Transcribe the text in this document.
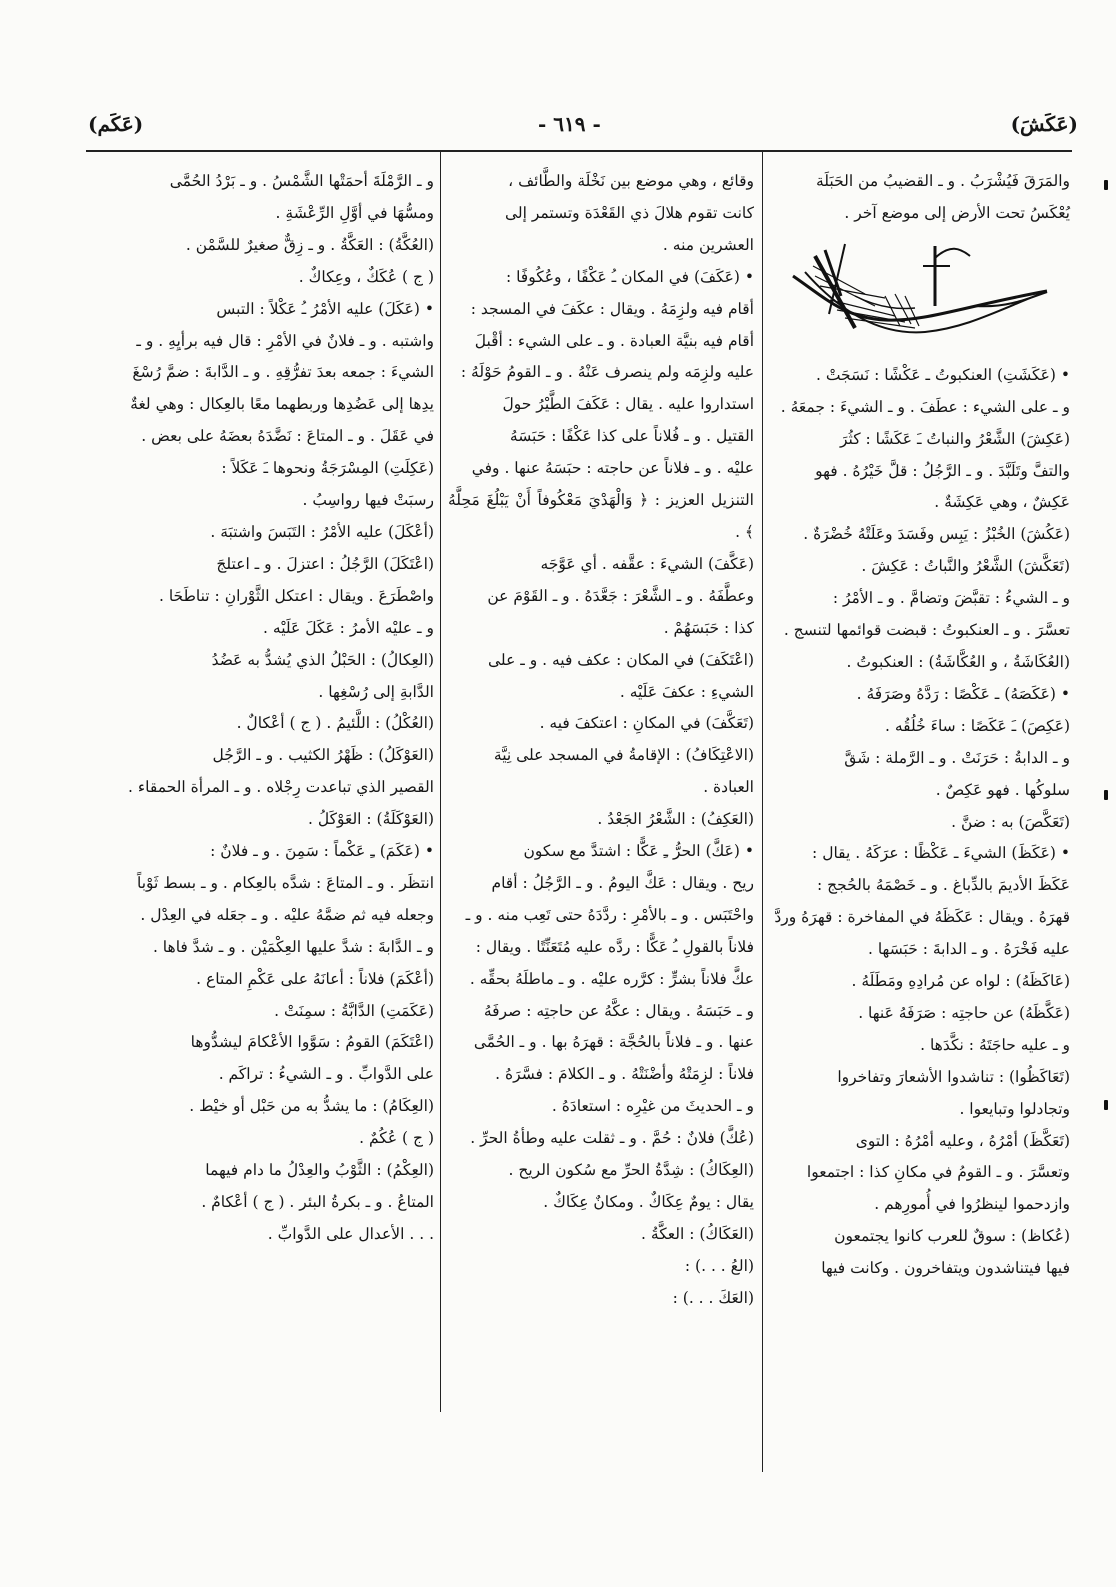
(عَكَشَ)
- ٦١٩ -
(عَكَم)

والمَرَقَ فَيُشْرَبُ . و ـ القضيبُ من الحَبَلَة

يُعْكَسُ تحت الأرض إلى موضع آخر .

• (عَكَشَتِ) العنكبوتُ ـ عَكْشًا : نَسَجَتْ .

و ـ على الشيء : عطَفَ . و ـ الشيءَ : جمعَهُ .

(عَكِشَ) الشَّعْرُ والنباتُ ـَ عَكَشًا : كثُرَ

والتفَّ وتَلَبَّدَ . و ـ الرَّجُلُ : قلَّ خَيْرُهُ . فهو

عَكِشٌ ، وهي عَكِشَةٌ .

(عَكُشَ) الخُبْزُ : يَبِس وفَسَدَ وعَلَتْهُ خُضْرَةٌ .

(تَعَكَّشَ) الشَّعْرُ والنَّباتُ : عَكِشَ .

و ـ الشيءُ : تقبَّضَ وتضامَّ . و ـ الأمْرُ :

تعسَّرَ . و ـ العنكبوتُ : قبضت قوائمها لتنسج .

(العُكَاشَةُ ، و العُكَّاشَةُ) : العنكبوتُ .

• (عَكَصَهُ) ـ عَكْصًا : رَدَّهُ وصَرَفَهُ .

(عَكِصَ) ـَ عَكَصًا : ساءَ خُلُقُه .

و ـ الدابةُ : حَرَنَتْ . و ـ الرَّملة : شَقَّ

سلوكُها . فهو عَكِصٌ .

(تَعَكَّصَ) به : ضنَّ .

• (عَكَظَ) الشيءَ ـ عَكْظًا : عرَكَهُ . يقال :

عَكَظَ الأديمَ بالدِّباغ . و ـ خَصْمَهُ بالحُجج :

قهرَهُ . ويقال : عَكَظَهُ في المفاخرة : قهرَهُ وردَّ

عليه فَخْرَهُ . و ـ الدابةَ : حَبَسَها .

(عَاكَظَهُ) : لواه عن مُرادِهِ ومَطَلَهُ .

(عَكَّظَهُ) عن حاجتِه : صَرَفَهُ عَنها .

و ـ عليه حاجَتَهُ : نكَّدَها .

(تَعَاكَظُوا) : تناشدوا الأشعارَ وتفاخروا

وتجادلوا وتبايعوا .

(تَعَكَّظَ) أمْرُهُ ، وعليه أمْرُهُ : التوى

وتعسَّرَ . و ـ القومُ في مكانِ كذا : اجتمعوا

وازدحموا لينظرُوا في أُمورِهم .

(عُكاظ) : سوقٌ للعرب كانوا يجتمعون

فيها فيتناشدون ويتفاخرون . وكانت فيها

وقائع ، وهي موضع بين نَخْلَة والطَّائف ،

كانت تقوم هلالَ ذي القَعْدَة وتستمر إلى

العشرين منه .

• (عَكَفَ) في المكان ـُ عَكْفًا ، وعُكُوفًا :

أقام فيه ولزِمَهُ . ويقال : عكَفَ في المسجد :

أقام فيه بنيَّة العبادة . و ـ على الشيء : أقْبلَ

عليه ولزِمَه ولم ينصرف عَنْهُ . و ـ القومُ حَوْلَهُ :

استداروا عليه . يقال : عَكَفَ الطَّيْرُ حولَ

القتيل . و ـ فُلاناً على كذا عَكْفًا : حَبَسَهُ

عليْه . و ـ فلاناً عن حاجته : حبَسَهُ عنها . وفي

التنزيل العزيز : ﴿ وَالْهَدْيَ مَعْكُوفاً أَنْ يَبْلُغَ مَحِلَّهُ ﴾ .

(عَكَّفَ) الشيءَ : عقَّفه . أي عَوَّجَه

وعطَّفَهُ . و ـ الشَّعْرَ : جَعَّدَهُ . و ـ القَوْمَ عن

كذا : حَبَسَهُمْ .

(اعْتَكَفَ) في المكان : عكف فيه . و ـ على

الشيءِ : عكفَ عَلَيْه .

(تَعَكَّفَ) في المكانِ : اعتكفَ فيه .

(الاعْتِكَافُ) : الإقامةُ في المسجد على نِيَّة

العبادة .

(العَكِفُ) : الشَّعْرُ الجَعْدُ .

• (عَكَّ) الحرُّ ـِ عَكًّا : اشتدَّ مع سكون

ريح . ويقال : عَكَّ اليومُ . و ـ الرَّجُلُ : أقام

واحْتَبَس . و ـ بالأمْرِ : ردَّدَهُ حتى تَعِب منه . و ـ

فلاناً بالقولِ ـُ عَكًّا : ردَّه عليه مُتَعَنِّتًا . ويقال :

عكَّ فلاناً بشرٍّ : كرَّره عليْه . و ـ ماطلَهُ بحقِّه .

و ـ حَبَسَهُ . ويقال : عكَّهُ عن حاجتِه : صرفَهُ

عنها . و ـ فلاناً بالحُجَّة : قهرَهُ بها . و ـ الحُمَّى

فلاناً : لزِمَتْهُ وأضْنَتْهُ . و ـ الكلامَ : فسَّرَهُ .

و ـ الحديثَ من غيْرِه : استعادَهُ .

(عُكَّ) فلانٌ : حُمَّ . و ـ ثقلت عليه وطأةُ الحرِّ .

(العِكَاكُ) : شِدَّةُ الحرِّ مع سُكون الريح .

يقال : يومٌ عِكَاكٌ . ومكانٌ عِكَاكٌ .

(العَكَاكُ) : العكَّةُ .

(العُ . . .) :

(العَكَ . . .) :

و ـ الرَّمْلَةَ أحمَتْها الشَّمْسُ . و ـ بَرْدُ الحُمَّى

ومسُّهَا في أوَّلِ الرِّعْشَةِ .

(العُكَّةُ) : العَكَّةُ . و ـ زِقٌّ صغيرٌ للسَّمْن .

( ج ) عُكَكٌ ، وعِكاكٌ .

• (عَكَلَ) عليه الأمْرُ ـُ عَكْلاً : التبس

واشتبه . و ـ فلانٌ في الأمْرِ : قال فيه برأيِهِ . و ـ

الشيءَ : جمعه بعدَ تفرُّقِهِ . و ـ الدَّابةَ : ضمَّ رُسْغَ

يدِها إلى عَضُدِها وربطهما معًا بالعِكال : وهي لغةٌ

في عَقَلَ . و ـ المتاعَ : نَضَّدَهُ بعضَهُ على بعض .

(عَكِلَتِ) المِسْرَجَةُ ونحوها ـَ عَكَلاً :

رسبَتْ فيها رواسِبُ .

(أعْكَلَ) عليه الأمْرُ : التَبَسَ واشتبَهَ .

(اعْتَكَلَ) الرَّجُلُ : اعتزلَ . و ـ اعتلجَ

واصْطَرَعَ . ويقال : اعتكل الثَّوْرانِ : تناطَحَا .

و ـ عليْه الأمرُ : عَكَلَ عَلَيْه .

(العِكالُ) : الحَبْلُ الذي يُشدُّ به عَضُدُ

الدَّابةِ إلى رُسْغِها .

(العُكْلُ) : اللَّئيمُ . ( ج ) أعْكالٌ .

(العَوْكَلُ) : ظَهْرُ الكثيب . و ـ الرَّجُل

القصير الذي تباعدت رِجْلاه . و ـ المرأة الحمقاء .

(العَوْكَلَةُ) : العَوْكَلُ .

• (عَكَمَ) ـِ عَكْماً : سَمِنَ . و ـ فلانٌ :

انتظَر . و ـ المتاعَ : شدَّه بالعِكام . و ـ بسط ثَوْباً

وجعله فيه ثم ضمَّهُ عليْه . و ـ جعَله في العِدْل .

و ـ الدَّابةَ : شدَّ عليها العِكْمَيْن . و ـ شدَّ فاها .

(أعْكَمَ) فلاناً : أعانَهُ على عَكْمِ المتاع .

(عَكَمَتِ) الدَّابَّةُ : سمِنَتْ .

(اعْتَكَمَ) القومُ : سَوَّوا الأعْكامَ ليشدُّوها

على الدَّوابِّ . و ـ الشيءُ : تراكَم .

(العِكَامُ) : ما يشدُّ به من حَبْل أو خيْط .

( ج ) عُكُمٌ .

(العِكْمُ) : الثَّوْبُ والعِدْلُ ما دام فيهما

المتاعُ . و ـ بكرةُ البئر . ( ج ) أعْكامٌ .

. . . الأعدال على الدَّوابِّ .
